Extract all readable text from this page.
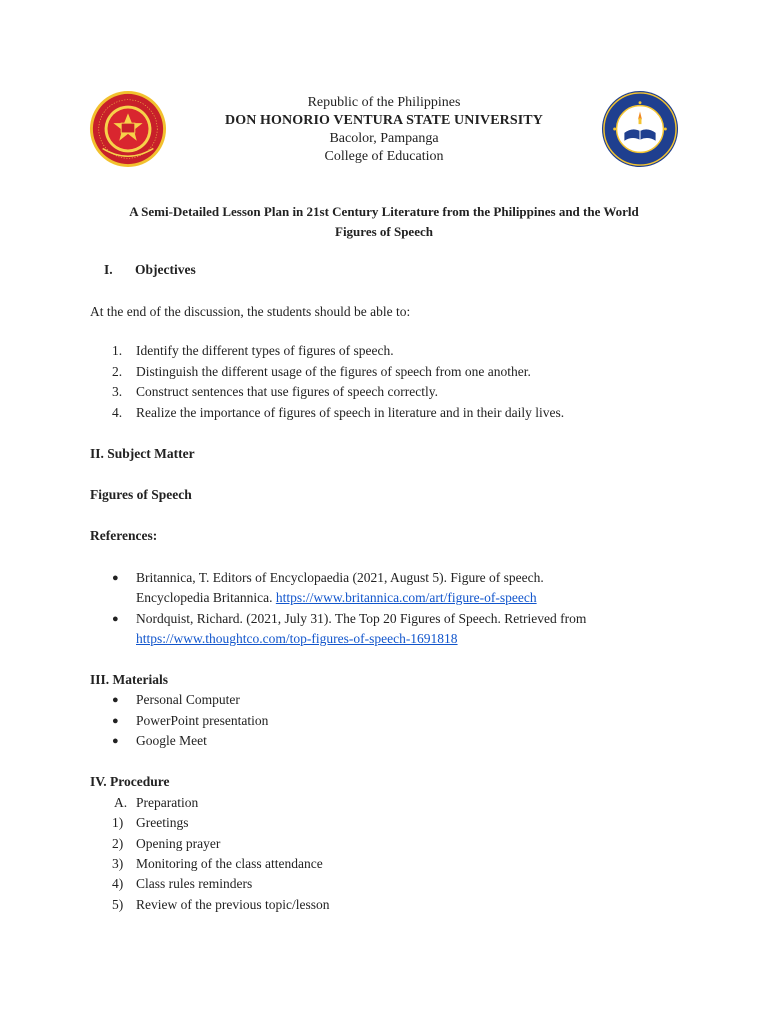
Republic of the Philippines
DON HONORIO VENTURA STATE UNIVERSITY
Bacolor, Pampanga
College of Education
A Semi-Detailed Lesson Plan in 21st Century Literature from the Philippines and the World
Figures of Speech
I. Objectives
At the end of the discussion, the students should be able to:
1. Identify the different types of figures of speech.
2. Distinguish the different usage of the figures of speech from one another.
3. Construct sentences that use figures of speech correctly.
4. Realize the importance of figures of speech in literature and in their daily lives.
II. Subject Matter
Figures of Speech
References:
● Britannica, T. Editors of Encyclopaedia (2021, August 5). Figure of speech.
Encyclopedia Britannica. https://www.britannica.com/art/figure-of-speech
● Nordquist, Richard. (2021, July 31). The Top 20 Figures of Speech. Retrieved from
https://www.thoughtco.com/top-figures-of-speech-1691818
III. Materials
● Personal Computer
● PowerPoint presentation
● Google Meet
IV. Procedure
A. Preparation
1) Greetings
2) Opening prayer
3) Monitoring of the class attendance
4) Class rules reminders
5) Review of the previous topic/lesson
